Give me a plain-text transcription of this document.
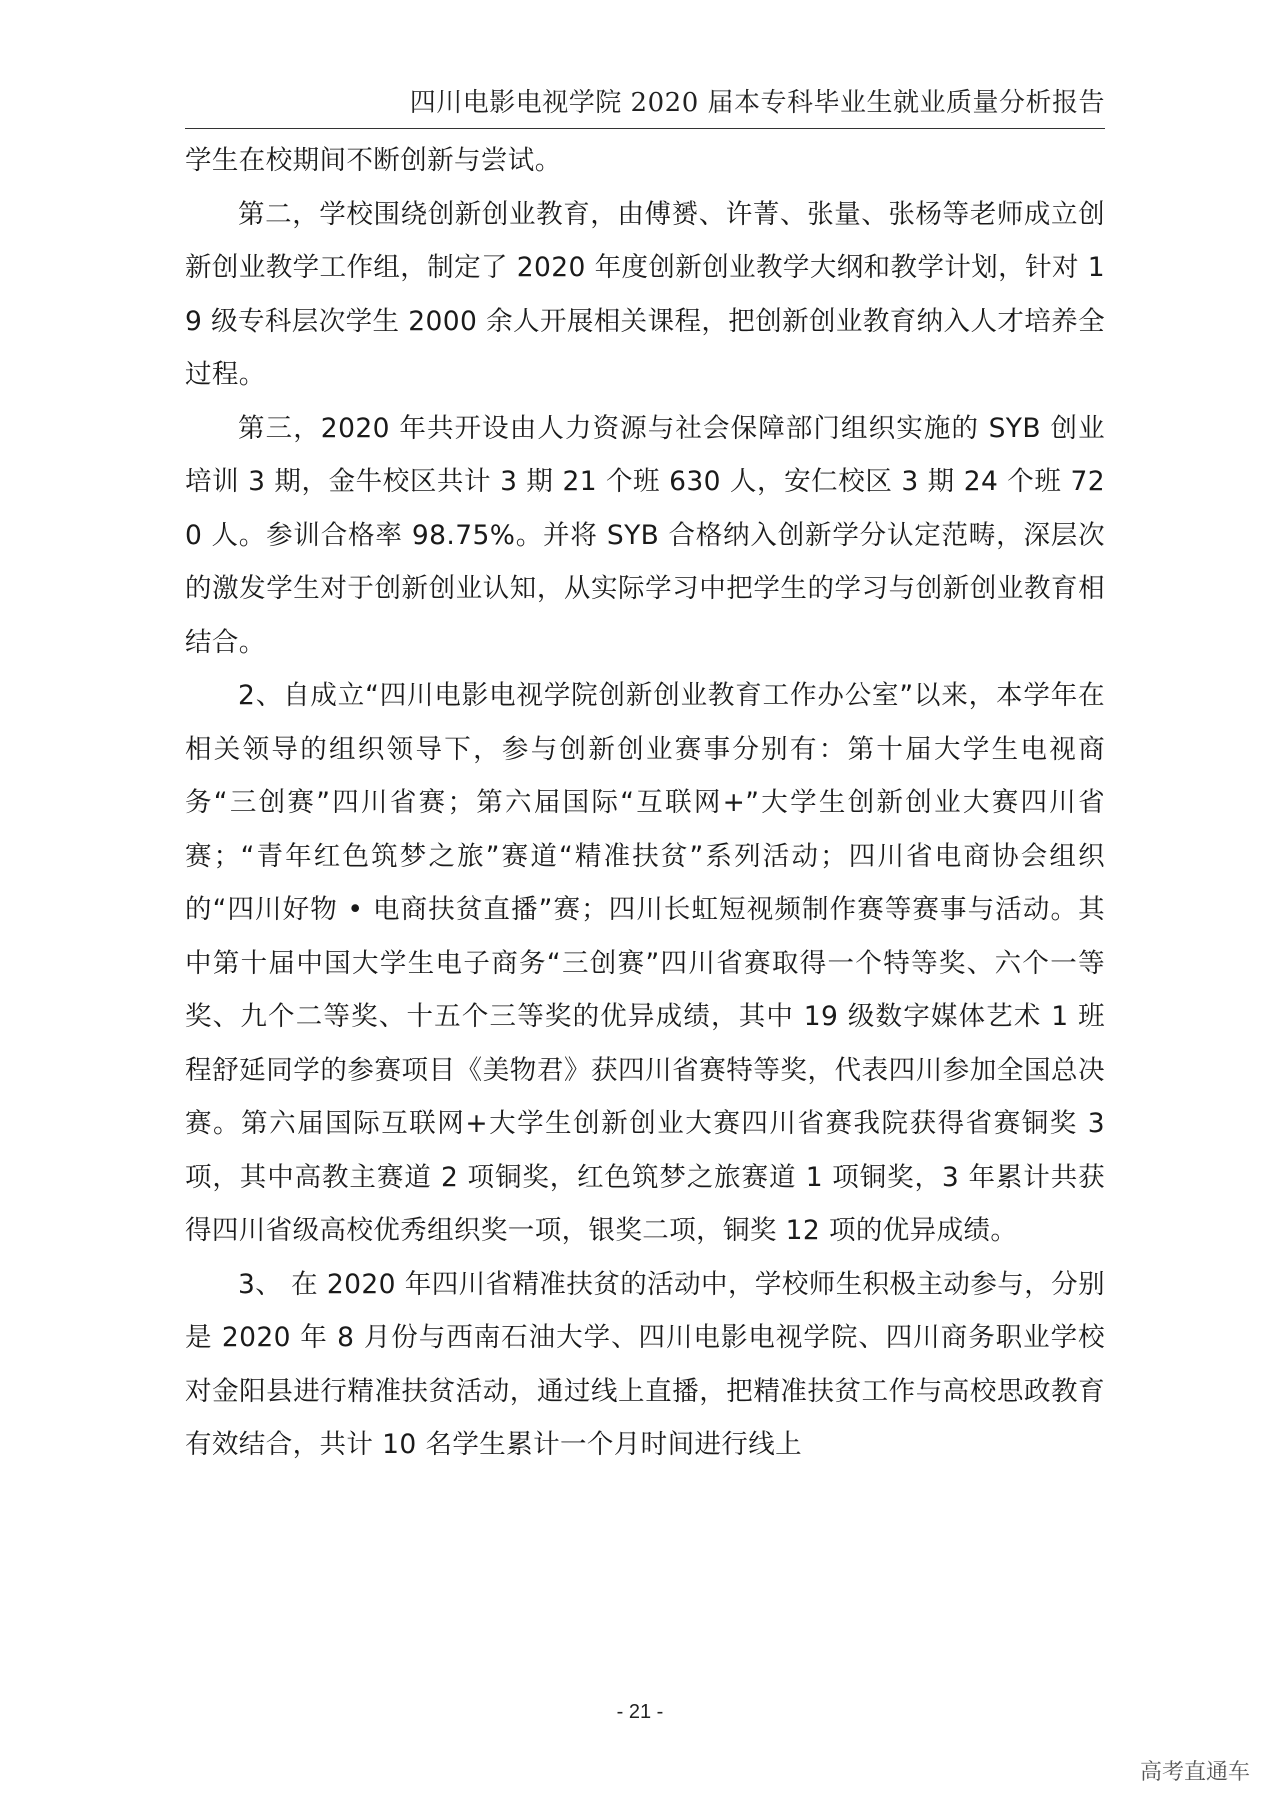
四川电影电视学院 2020 届本专科毕业生就业质量分析报告

学生在校期间不断创新与尝试。

第二，学校围绕创新创业教育，由傅赟、许菁、张量、张杨等老师成立创新创业教学工作组，制定了 2020 年度创新创业教学大纲和教学计划，针对 19 级专科层次学生 2000 余人开展相关课程，把创新创业教育纳入人才培养全过程。

第三，2020 年共开设由人力资源与社会保障部门组织实施的 SYB 创业培训 3 期，金牛校区共计 3 期 21 个班 630 人，安仁校区 3 期 24 个班 720 人。参训合格率 98.75%。并将 SYB 合格纳入创新学分认定范畴，深层次的激发学生对于创新创业认知，从实际学习中把学生的学习与创新创业教育相结合。

2、自成立“四川电影电视学院创新创业教育工作办公室”以来，本学年在相关领导的组织领导下，参与创新创业赛事分别有：第十届大学生电视商务“三创赛”四川省赛；第六届国际“互联网+”大学生创新创业大赛四川省赛；“青年红色筑梦之旅”赛道“精准扶贫”系列活动；四川省电商协会组织的“四川好物 • 电商扶贫直播”赛；四川长虹短视频制作赛等赛事与活动。其中第十届中国大学生电子商务“三创赛”四川省赛取得一个特等奖、六个一等奖、九个二等奖、十五个三等奖的优异成绩，其中 19 级数字媒体艺术 1 班程舒延同学的参赛项目《美物君》获四川省赛特等奖，代表四川参加全国总决赛。第六届国际互联网+大学生创新创业大赛四川省赛我院获得省赛铜奖 3 项，其中高教主赛道 2 项铜奖，红色筑梦之旅赛道 1 项铜奖，3 年累计共获得四川省级高校优秀组织奖一项，银奖二项，铜奖 12 项的优异成绩。

3、 在 2020 年四川省精准扶贫的活动中，学校师生积极主动参与，分别是 2020 年 8 月份与西南石油大学、四川电影电视学院、四川商务职业学校对金阳县进行精准扶贫活动，通过线上直播，把精准扶贫工作与高校思政教育有效结合，共计 10 名学生累计一个月时间进行线上

- 21 -
高考直通车
